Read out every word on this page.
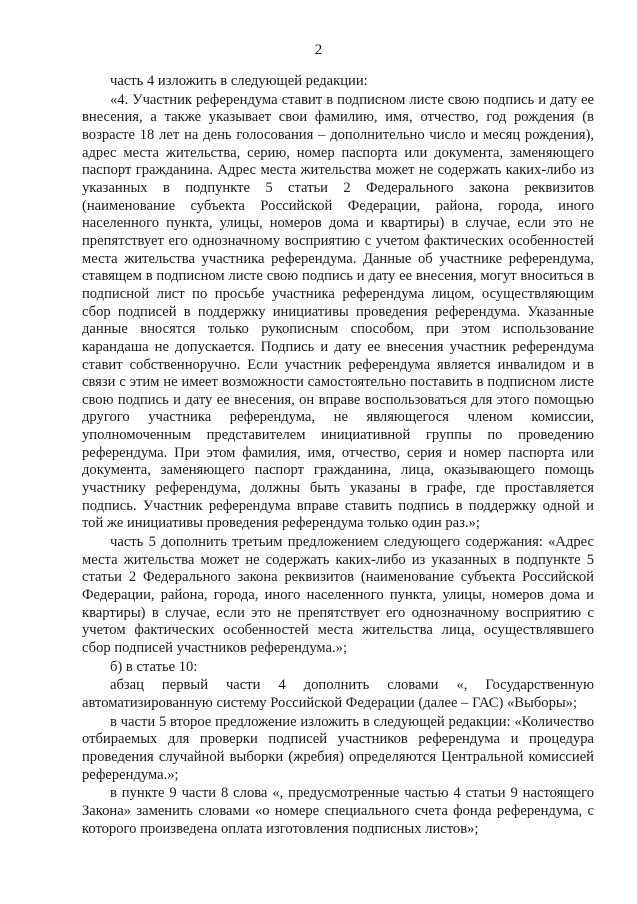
2

часть 4 изложить в следующей редакции:

«4. Участник референдума ставит в подписном листе свою подпись и дату ее внесения, а также указывает свои фамилию, имя, отчество, год рождения (в возрасте 18 лет на день голосования – дополнительно число и месяц рождения), адрес места жительства, серию, номер паспорта или документа, заменяющего паспорт гражданина. Адрес места жительства может не содержать каких-либо из указанных в подпункте 5 статьи 2 Федерального закона реквизитов (наименование субъекта Российской Федерации, района, города, иного населенного пункта, улицы, номеров дома и квартиры) в случае, если это не препятствует его однозначному восприятию с учетом фактических особенностей места жительства участника референдума. Данные об участнике референдума, ставящем в подписном листе свою подпись и дату ее внесения, могут вноситься в подписной лист по просьбе участника референдума лицом, осуществляющим сбор подписей в поддержку инициативы проведения референдума. Указанные данные вносятся только рукописным способом, при этом использование карандаша не допускается. Подпись и дату ее внесения участник референдума ставит собственноручно. Если участник референдума является инвалидом и в связи с этим не имеет возможности самостоятельно поставить в подписном листе свою подпись и дату ее внесения, он вправе воспользоваться для этого помощью другого участника референдума, не являющегося членом комиссии, уполномоченным представителем инициативной группы по проведению референдума. При этом фамилия, имя, отчество, серия и номер паспорта или документа, заменяющего паспорт гражданина, лица, оказывающего помощь участнику референдума, должны быть указаны в графе, где проставляется подпись. Участник референдума вправе ставить подпись в поддержку одной и той же инициативы проведения референдума только один раз.»;

часть 5 дополнить третьим предложением следующего содержания: «Адрес места жительства может не содержать каких-либо из указанных в подпункте 5 статьи 2 Федерального закона реквизитов (наименование субъекта Российской Федерации, района, города, иного населенного пункта, улицы, номеров дома и квартиры) в случае, если это не препятствует его однозначному восприятию с учетом фактических особенностей места жительства лица, осуществлявшего сбор подписей участников референдума.»;

б) в статье 10:

абзац первый части 4 дополнить словами «, Государственную автоматизированную систему Российской Федерации (далее – ГАС) «Выборы»;

в части 5 второе предложение изложить в следующей редакции: «Количество отбираемых для проверки подписей участников референдума и процедура проведения случайной выборки (жребия) определяются Центральной комиссией референдума.»;

в пункте 9 части 8 слова «, предусмотренные частью 4 статьи 9 настоящего Закона» заменить словами «о номере специального счета фонда референдума, с которого произведена оплата изготовления подписных листов»;
